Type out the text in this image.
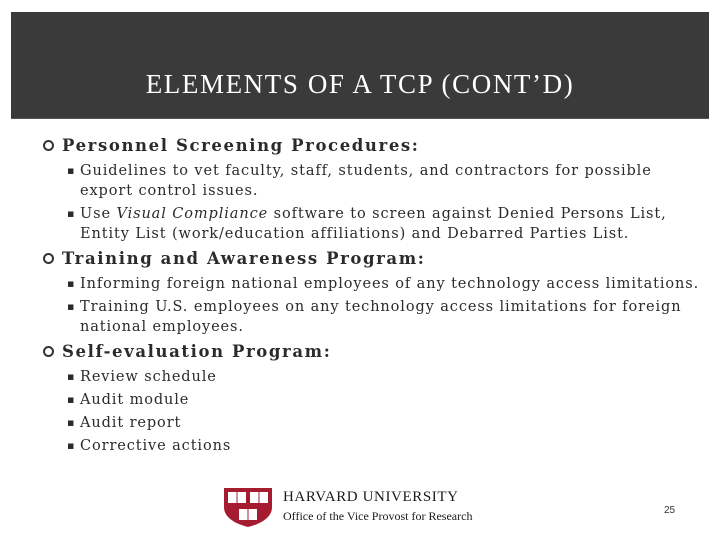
ELEMENTS OF A TCP (CONT’D)
Personnel Screening Procedures:
▪ Guidelines to vet faculty, staff, students, and contractors for possible export control issues.
▪ Use Visual Compliance software to screen against Denied Persons List, Entity List (work/education affiliations) and Debarred Parties List.
Training and Awareness Program:
▪ Informing foreign national employees of any technology access limitations.
▪ Training U.S. employees on any technology access limitations for foreign national employees.
Self-evaluation Program:
▪ Review schedule
▪ Audit module
▪ Audit report
▪ Corrective actions
HARVARD UNIVERSITY
Office of the Vice Provost for Research	25
